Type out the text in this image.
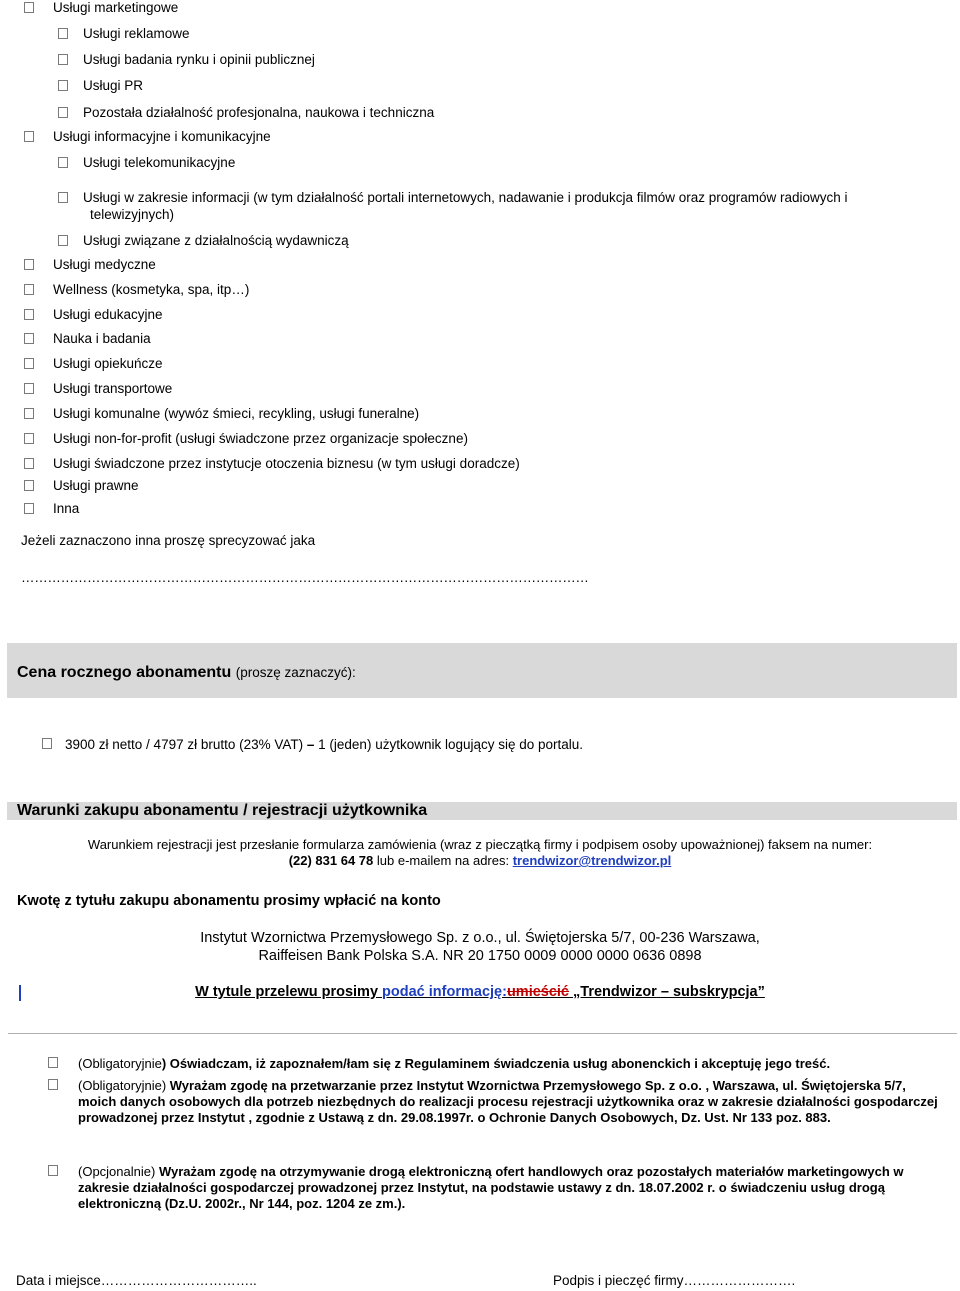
Usługi marketingowe
Usługi reklamowe
Usługi badania rynku i opinii publicznej
Usługi PR
Pozostała działalność profesjonalna, naukowa i techniczna
Usługi informacyjne i komunikacyjne
Usługi telekomunikacyjne
Usługi w zakresie informacji (w tym działalność portali internetowych, nadawanie i produkcja filmów oraz programów radiowych i
telewizyjnych)
Usługi związane z działalnością wydawniczą
Usługi medyczne
Wellness (kosmetyka, spa, itp…)
Usługi edukacyjne
Nauka i badania
Usługi opiekuńcze
Usługi transportowe
Usługi komunalne (wywóz śmieci, recykling, usługi funeralne)
Usługi non-for-profit (usługi świadczone przez organizacje społeczne)
Usługi świadczone przez instytucje otoczenia biznesu (w tym usługi doradcze)
Usługi prawne
Inna
Jeżeli zaznaczono inna proszę sprecyzować jaka
…………………………………………………………………………………………………………………
Cena rocznego abonamentu (proszę zaznaczyć):
3900 zł netto / 4797 zł brutto (23% VAT) – 1 (jeden) użytkownik logujący się do portalu.
Warunki zakupu abonamentu / rejestracji użytkownika
Warunkiem rejestracji jest przesłanie formularza zamówienia (wraz z pieczątką firmy i podpisem osoby upoważnionej) faksem na numer:
(22) 831 64 78 lub e-mailem na adres: trendwizor@trendwizor.pl
Kwotę z tytułu zakupu abonamentu prosimy wpłacić na konto
Instytut Wzornictwa Przemysłowego Sp. z o.o., ul. Świętojerska 5/7, 00-236 Warszawa,
Raiffeisen Bank Polska S.A. NR 20 1750 0009 0000 0000 0636 0898
W tytule przelewu prosimy podać informację:umieścić „Trendwizor – subskrypcja”
(Obligatoryjnie) Oświadczam, iż zapoznałem/łam się z Regulaminem świadczenia usług abonenckich i akceptuję jego treść.
(Obligatoryjnie) Wyrażam zgodę na przetwarzanie przez Instytut Wzornictwa Przemysłowego Sp. z o.o. , Warszawa, ul. Świętojerska 5/7, moich danych osobowych dla potrzeb niezbędnych do realizacji procesu rejestracji użytkownika oraz w zakresie działalności gospodarczej prowadzonej przez Instytut , zgodnie z Ustawą z dn. 29.08.1997r. o Ochronie Danych Osobowych, Dz. Ust. Nr 133 poz. 883.
(Opcjonalnie) Wyrażam zgodę na otrzymywanie drogą elektroniczną ofert handlowych oraz pozostałych materiałów marketingowych w zakresie działalności gospodarczej prowadzonej przez Instytut, na podstawie ustawy z dn. 18.07.2002 r. o świadczeniu usług drogą elektroniczną (Dz.U. 2002r., Nr 144, poz. 1204 ze zm.).
Data i miejsce……………………………..	Podpis i pieczęć firmy…………………….
